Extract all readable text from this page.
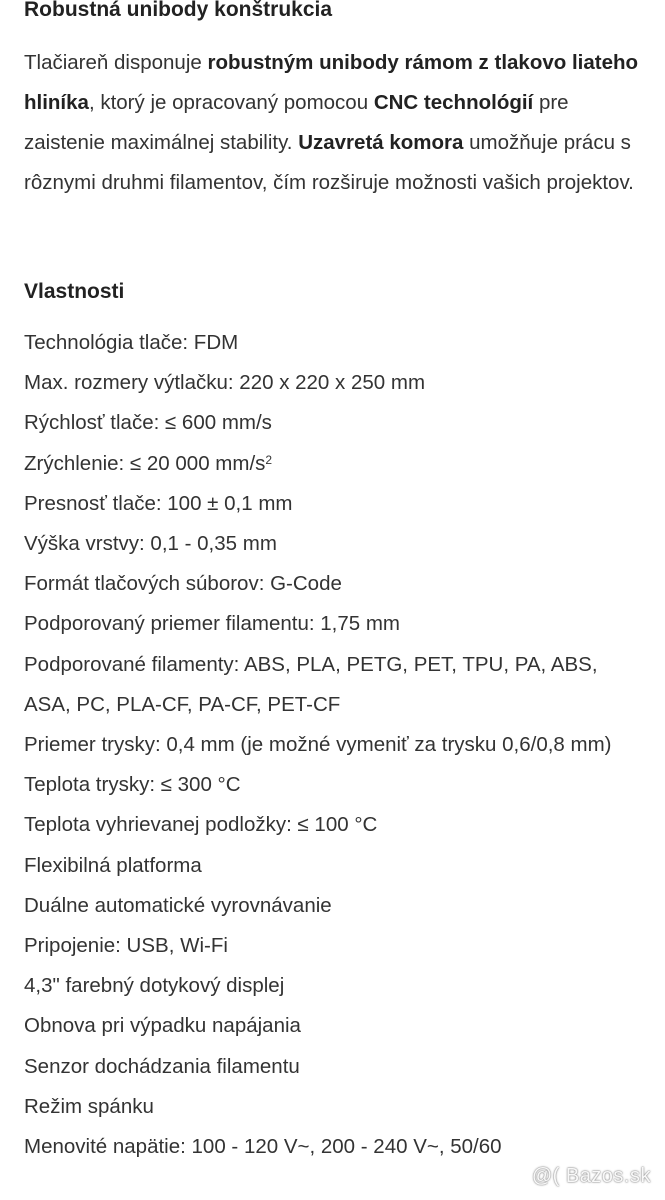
Robustná unibody konštrukcia

Tlačiareň disponuje robustným unibody rámom z tlakovo liateho hliníka, ktorý je opracovaný pomocou CNC technológií pre zaistenie maximálnej stability. Uzavretá komora umožňuje prácu s rôznymi druhmi filamentov, čím rozširuje možnosti vašich projektov.

Vlastnosti
Technológia tlače: FDM
Max. rozmery výtlačku: 220 x 220 x 250 mm
Rýchlosť tlače: ≤ 600 mm/s
Zrýchlenie: ≤ 20 000 $mm/s^2$
Presnosť tlače: 100 ± 0,1 mm
Výška vrstvy: 0,1 - 0,35 mm
Formát tlačových súborov: G-Code
Podporovaný priemer filamentu: 1,75 mm
Podporované filamenty: ABS, PLA, PETG, PET, TPU, PA, ABS, ASA, PC, PLA-CF, PA-CF, PET-CF
Priemer trysky: 0,4 mm (je možné vymeniť za trysku 0,6/0,8 mm)
Teplota trysky: ≤ 300 °C
Teplota vyhrievanej podložky: ≤ 100 °C
Flexibilná platforma
Duálne automatické vyrovnávanie
Pripojenie: USB, Wi-Fi
4,3" farebný dotykový displej
Obnova pri výpadku napájania
Senzor dochádzania filamentu
Režim spánku
Menovité napätie: 100 - 120 V~, 200 - 240 V~, 50/60
@( Bazos.sk
